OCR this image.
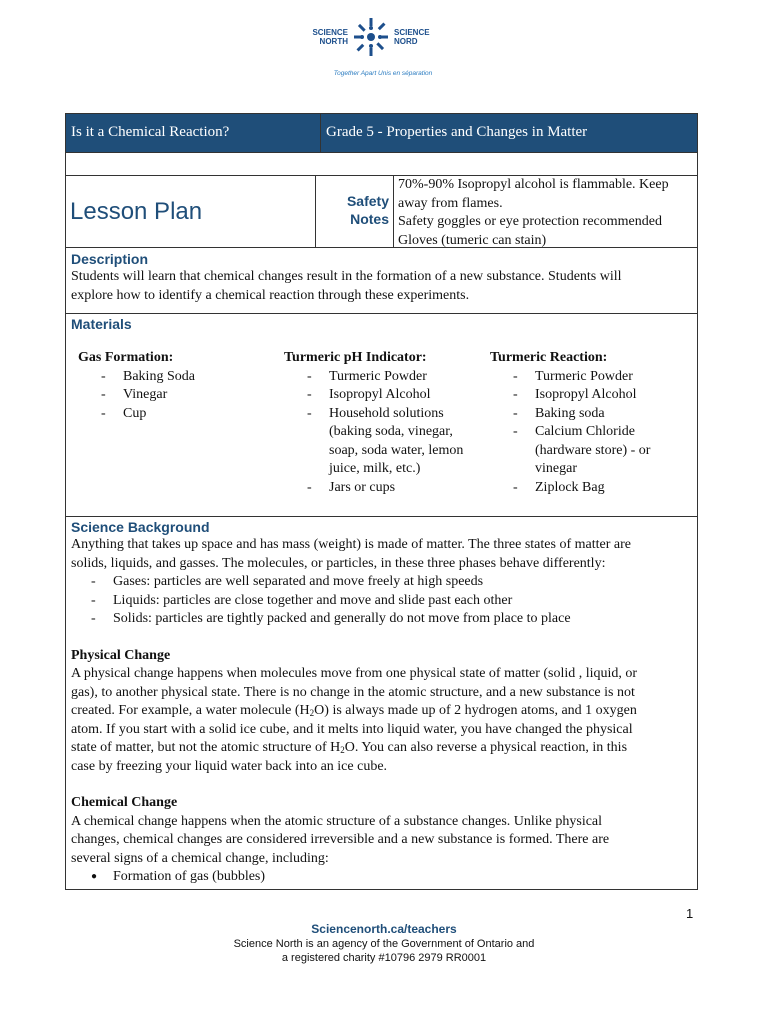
SCIENCE
NORTH
SCIENCE
NORD
Together Apart Unis en séparation
Is it a Chemical Reaction?	Grade 5 - Properties and Changes in Matter
Lesson Plan	Safety
Notes
70%-90% Isopropyl alcohol is flammable. Keep
away from flames.
Safety goggles or eye protection recommended
Gloves (tumeric can stain)
Description
Students will learn that chemical changes result in the formation of a new substance. Students will
explore how to identify a chemical reaction through these experiments.
Materials
Gas Formation:
- Baking Soda
- Vinegar
- Cup
Turmeric pH Indicator:
- Turmeric Powder
- Isopropyl Alcohol
- Household solutions
(baking soda, vinegar,
soap, soda water, lemon
juice, milk, etc.)
- Jars or cups
Turmeric Reaction:
- Turmeric Powder
- Isopropyl Alcohol
- Baking soda
- Calcium Chloride
(hardware store) - or
vinegar
- Ziplock Bag
Science Background
Anything that takes up space and has mass (weight) is made of matter. The three states of matter are
solids, liquids, and gasses. The molecules, or particles, in these three phases behave differently:
- Gases: particles are well separated and move freely at high speeds
- Liquids: particles are close together and move and slide past each other
- Solids: particles are tightly packed and generally do not move from place to place
Physical Change
A physical change happens when molecules move from one physical state of matter (solid , liquid, or
gas), to another physical state. There is no change in the atomic structure, and a new substance is not
created. For example, a water molecule $(H_2O)$ is always made up of 2 hydrogen atoms, and 1 oxygen
atom. If you start with a solid ice cube, and it melts into liquid water, you have changed the physical
state of matter, but not the atomic structure of $H_2O$. You can also reverse a physical reaction, in this
case by freezing your liquid water back into an ice cube.
Chemical Change
A chemical change happens when the atomic structure of a substance changes. Unlike physical
changes, chemical changes are considered irreversible and a new substance is formed. There are
several signs of a chemical change, including:
● Formation of gas (bubbles)
1
Sciencenorth.ca/teachers
Science North is an agency of the Government of Ontario and
a registered charity #10796 2979 RR0001
